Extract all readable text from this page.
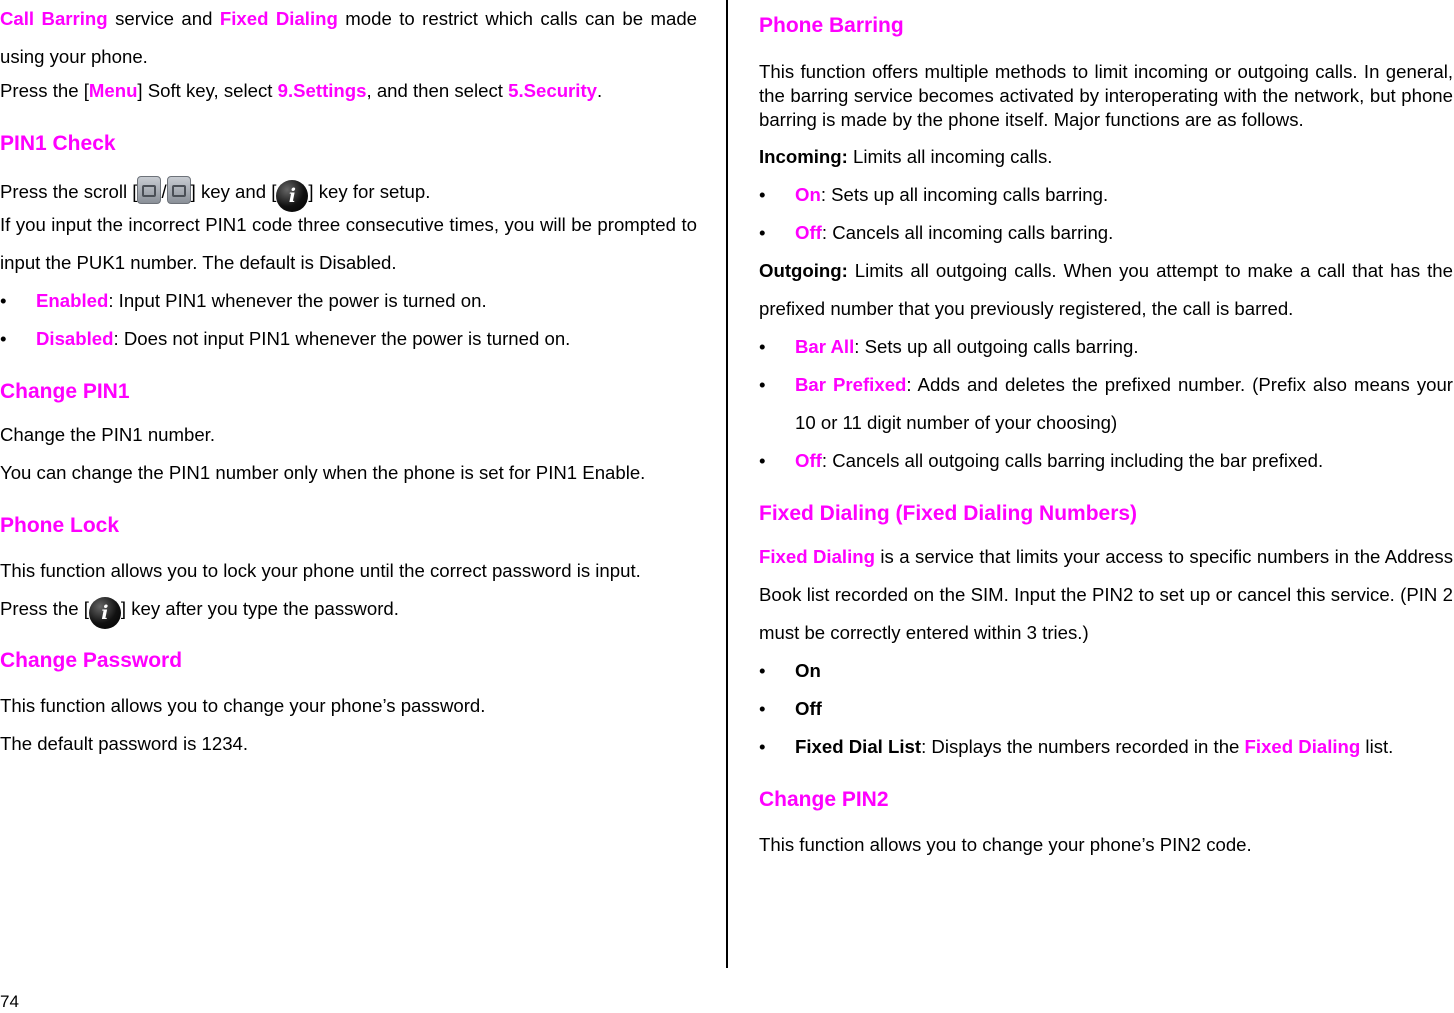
Call Barring service and Fixed Dialing mode to restrict which calls can be made using your phone.

Press the [Menu] Soft key, select 9.Settings, and then select 5.Security.

PIN1 Check

Press the scroll [ / ] key and [ i ] key for setup.

If you input the incorrect PIN1 code three consecutive times, you will be prompted to input the PUK1 number. The default is Disabled.

• Enabled: Input PIN1 whenever the power is turned on.
• Disabled: Does not input PIN1 whenever the power is turned on.
Change PIN1

Change the PIN1 number.

You can change the PIN1 number only when the phone is set for PIN1 Enable.

Phone Lock

This function allows you to lock your phone until the correct password is input.

Press the [ i ] key after you type the password.

Change Password

This function allows you to change your phone’s password.

The default password is 1234.

Phone Barring

This function offers multiple methods to limit incoming or outgoing calls. In general, the barring service becomes activated by interoperating with the network, but phone barring is made by the phone itself. Major functions are as follows.

Incoming: Limits all incoming calls.

• On: Sets up all incoming calls barring.
• Off: Cancels all incoming calls barring.

Outgoing: Limits all outgoing calls. When you attempt to make a call that has the prefixed number that you previously registered, the call is barred.

• Bar All: Sets up all outgoing calls barring.
• Bar Prefixed: Adds and deletes the prefixed number. (Prefix also means your 10 or 11 digit number of your choosing)
• Off: Cancels all outgoing calls barring including the bar prefixed.
Fixed Dialing (Fixed Dialing Numbers)

Fixed Dialing is a service that limits your access to specific numbers in the Address Book list recorded on the SIM. Input the PIN2 to set up or cancel this service. (PIN 2 must be correctly entered within 3 tries.)

• On
• Off
• Fixed Dial List: Displays the numbers recorded in the Fixed Dialing list.
Change PIN2

This function allows you to change your phone’s PIN2 code.

74
